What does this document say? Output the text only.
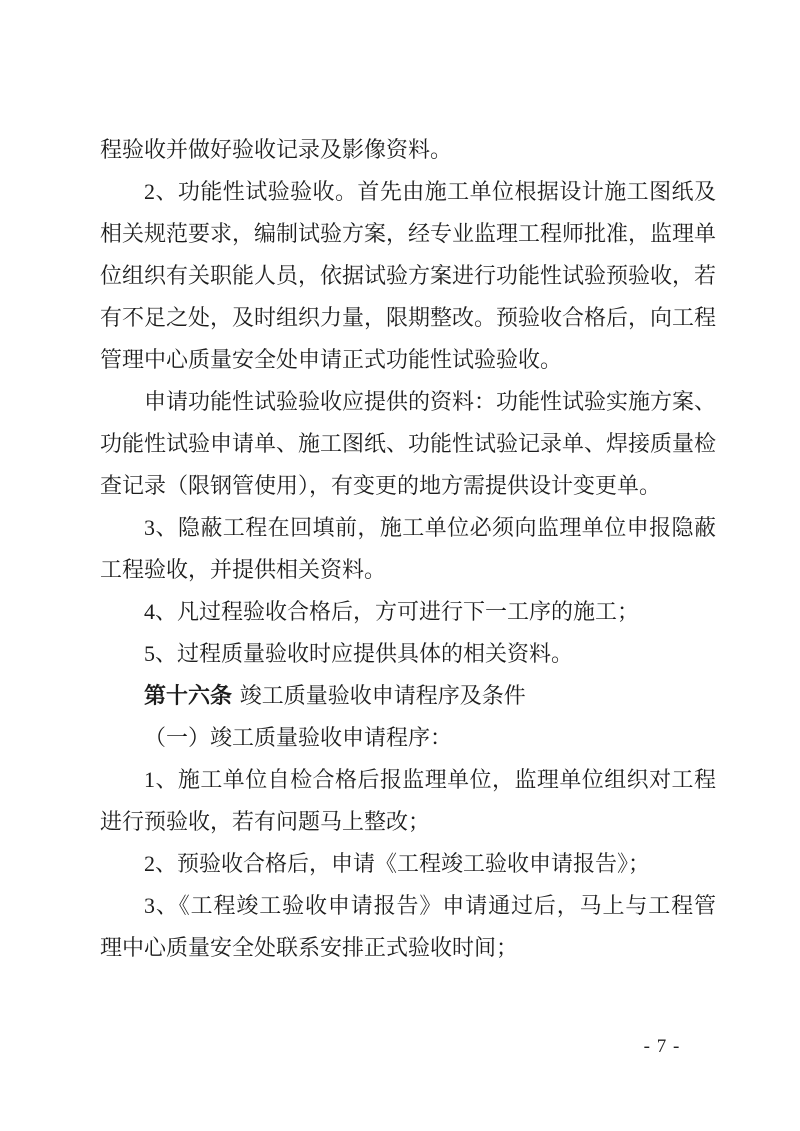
程验收并做好验收记录及影像资料。
2、功能性试验验收。首先由施工单位根据设计施工图纸及
相关规范要求，编制试验方案，经专业监理工程师批准，监理单
位组织有关职能人员，依据试验方案进行功能性试验预验收，若
有不足之处，及时组织力量，限期整改。预验收合格后，向工程
管理中心质量安全处申请正式功能性试验验收。
申请功能性试验验收应提供的资料：功能性试验实施方案、
功能性试验申请单、施工图纸、功能性试验记录单、焊接质量检
查记录（限钢管使用），有变更的地方需提供设计变更单。
3、隐蔽工程在回填前，施工单位必须向监理单位申报隐蔽
工程验收，并提供相关资料。
4、凡过程验收合格后，方可进行下一工序的施工；
5、过程质量验收时应提供具体的相关资料。
第十六条 竣工质量验收申请程序及条件
（一）竣工质量验收申请程序：
1、施工单位自检合格后报监理单位，监理单位组织对工程
进行预验收，若有问题马上整改；
2、预验收合格后，申请《工程竣工验收申请报告》；
3、《工程竣工验收申请报告》申请通过后，马上与工程管
理中心质量安全处联系安排正式验收时间；
- 7 -
